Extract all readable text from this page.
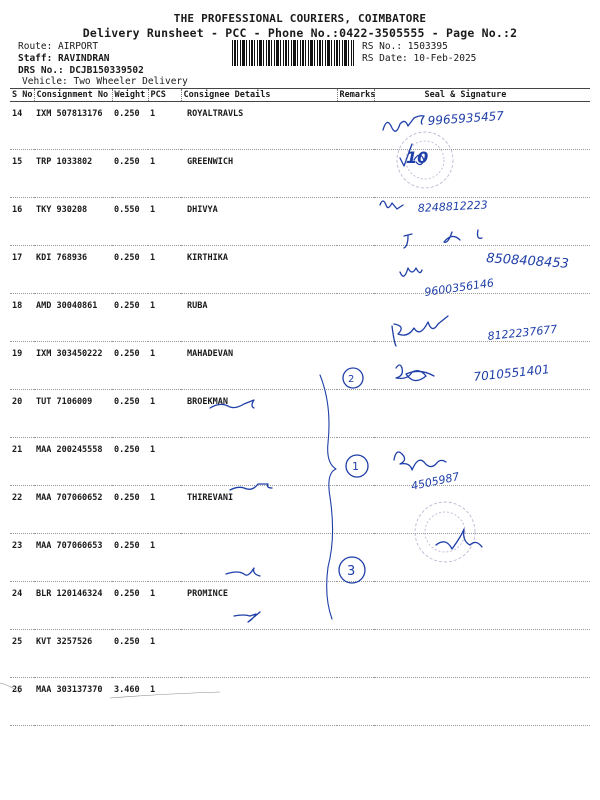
THE PROFESSIONAL COURIERS, COIMBATORE
Delivery Runsheet - PCC - Phone No.:0422-3505555 - Page No.:2
Route: AIRPORT
Staff: RAVINDRAN
DRS No.: DCJB150339502
Vehicle: Two Wheeler Delivery
RS No.: 1503395
RS Date: 10-Feb-2025
S No	Consignment No	Weight	PCS	Consignee Details	Remarks	Seal & Signature
14	IXM 507813176	0.250	1	ROYALTRAVLS		
15	TRP 1033802	0.250	1	GREENWICH		
16	TKY 930208	0.550	1	DHIVYA		
17	KDI 768936	0.250	1	KIRTHIKA		
18	AMD 30040861	0.250	1	RUBA		
19	IXM 303450222	0.250	1	MAHADEVAN		
20	TUT 7106009	0.250	1	BROEKMAN		
21	MAA 200245558	0.250	1			
22	MAA 707060652	0.250	1	THIREVANI		
23	MAA 707060653	0.250	1			
24	BLR 120146324	0.250	1	PROMINCE		
25	KVT 3257526	0.250	1			
26	MAA 303137370	3.460	1			
9965935457
10
8248812223
8508408453
9600356146
8122237677
7010551401
4505987
2
1
3
